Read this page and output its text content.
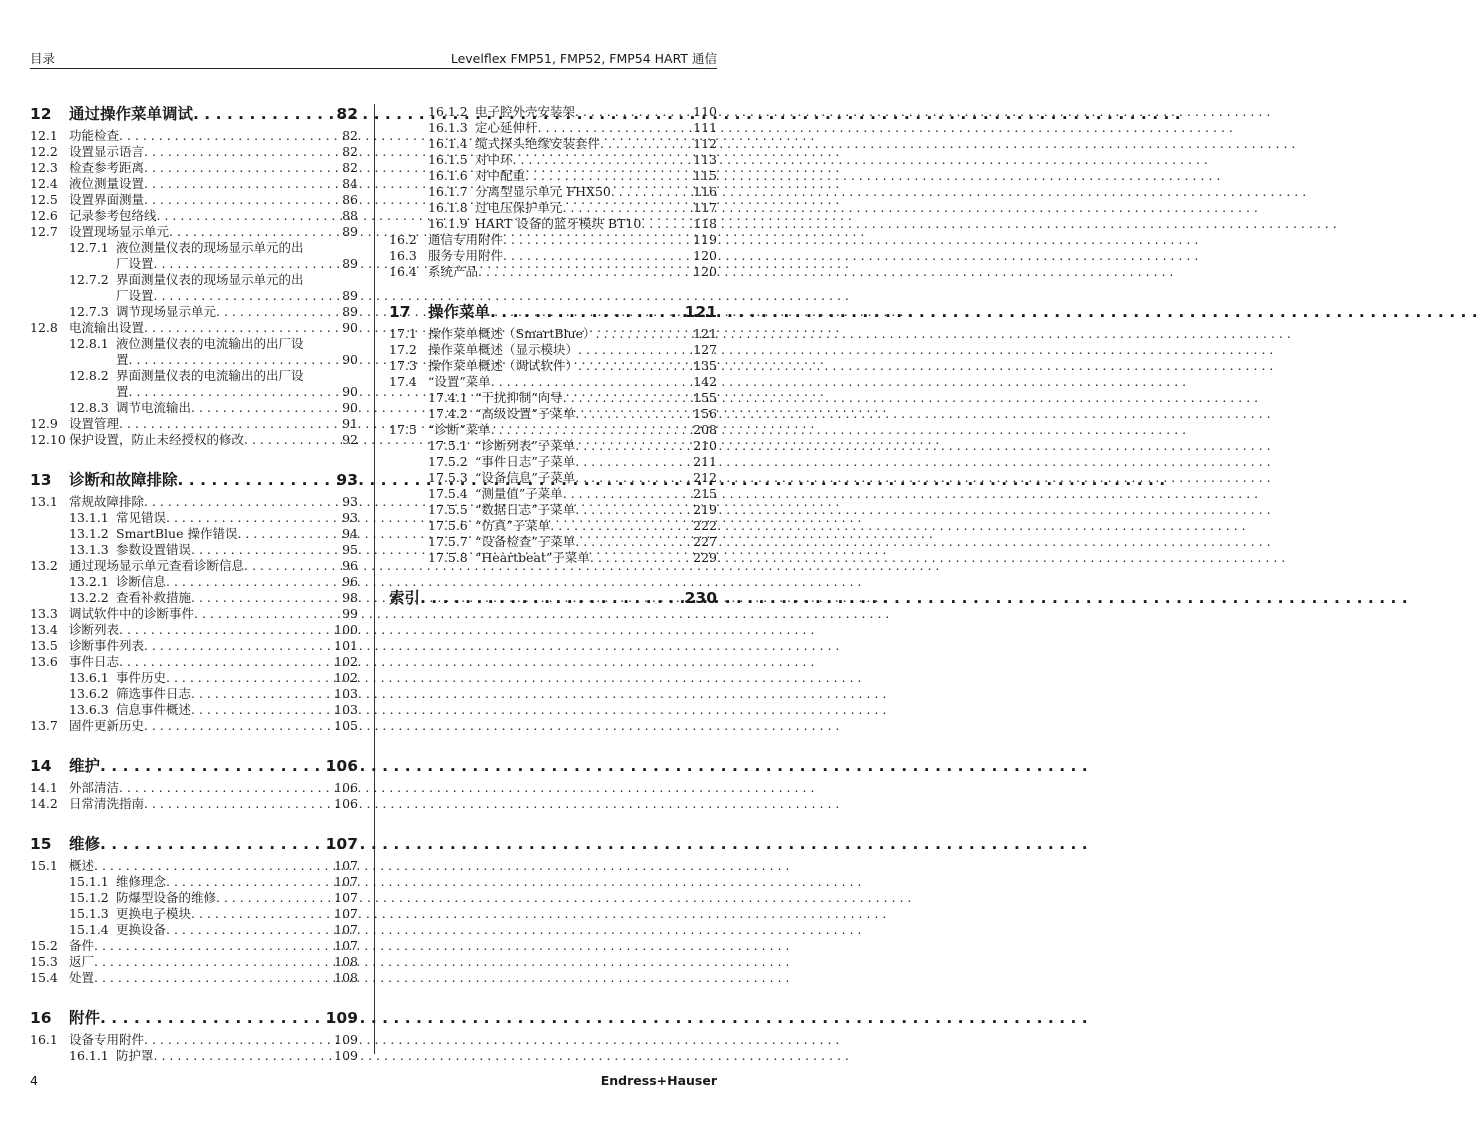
目录	Levelflex FMP51, FMP52, FMP54 HART 通信
12 通过操作菜单调试 . . .	82
12.1 功能检查 . . .	82
12.2 设置显示语言 . . .	82
12.3 检查参考距离 . . .	82
12.4 液位测量设置 . . .	84
12.5 设置界面测量 . . .	86
12.6 记录参考包络线 . . .	88
12.7 设置现场显示单元 . . .	89
12.7.1 液位测量仪表的现场显示单元的出
厂设置 . . .	89
12.7.2 界面测量仪表的现场显示单元的出
厂设置 . . .	89
12.7.3 调节现场显示单元 . . .	89
12.8 电流输出设置 . . .	90
12.8.1 液位测量仪表的电流输出的出厂设
置 . . .	90
12.8.2 界面测量仪表的电流输出的出厂设
置 . . .	90
12.8.3 调节电流输出 . . .	90
12.9 设置管理 . . .	91
12.10 保护设置，防止未经授权的修改 . . .	92
13 诊断和故障排除 . . .	93
13.1 常规故障排除 . . .	93
13.1.1 常见错误 . . .	93
13.1.2 SmartBlue 操作错误 . . .	94
13.1.3 参数设置错误 . . .	95
13.2 通过现场显示单元查看诊断信息 . . .	96
13.2.1 诊断信息 . . .	96
13.2.2 查看补救措施 . . .	98
13.3 调试软件中的诊断事件 . . .	99
13.4 诊断列表 . . .	100
13.5 诊断事件列表 . . .	101
13.6 事件日志 . . .	102
13.6.1 事件历史 . . .	102
13.6.2 筛选事件日志 . . .	103
13.6.3 信息事件概述 . . .	103
13.7 固件更新历史 . . .	105
14 维护 . . .	106
14.1 外部清洁 . . .	106
14.2 日常清洗指南 . . .	106
15 维修 . . .	107
15.1 概述 . . .	107
15.1.1 维修理念 . . .	107
15.1.2 防爆型设备的维修 . . .	107
15.1.3 更换电子模块 . . .	107
15.1.4 更换设备 . . .	107
15.2 备件 . . .	107
15.3 返厂 . . .	108
15.4 处置 . . .	108
16 附件 . . .	109
16.1 设备专用附件 . . .	109
16.1.1 防护罩 . . .	109
16.1.2 电子腔外壳安装架 . . .	110
16.1.3 定心延伸杆 . . .	111
16.1.4 缆式探头绝缘安装套件 . . .	112
16.1.5 对中环 . . .	113
16.1.6 对中配重 . . .	115
16.1.7 分离型显示单元 FHX50 . . .	116
16.1.8 过电压保护单元 . . .	117
16.1.9 HART 设备的蓝牙模块 BT10 . . .	118
16.2 通信专用附件 . . .	119
16.3 服务专用附件 . . .	120
16.4 系统产品 . . .	120
17 操作菜单 . . .	121
17.1 操作菜单概述（SmartBlue） . . .	121
17.2 操作菜单概述（显示模块） . . .	127
17.3 操作菜单概述（调试软件） . . .	135
17.4 “设置”菜单 . . .	142
17.4.1 “干扰抑制”向导 . . .	155
17.4.2 “高级设置”子菜单 . . .	156
17.5 “诊断”菜单 . . .	208
17.5.1 “诊断列表”子菜单 . . .	210
17.5.2 “事件日志”子菜单 . . .	211
17.5.3 “设备信息”子菜单 . . .	212
17.5.4 “测量值”子菜单 . . .	215
17.5.5 “数据日志”子菜单 . . .	219
17.5.6 “仿真”子菜单 . . .	222
17.5.7 “设备检查”子菜单 . . .	227
17.5.8 “Heartbeat”子菜单 . . .	229
索引 . . .	230
4	Endress+Hauser
